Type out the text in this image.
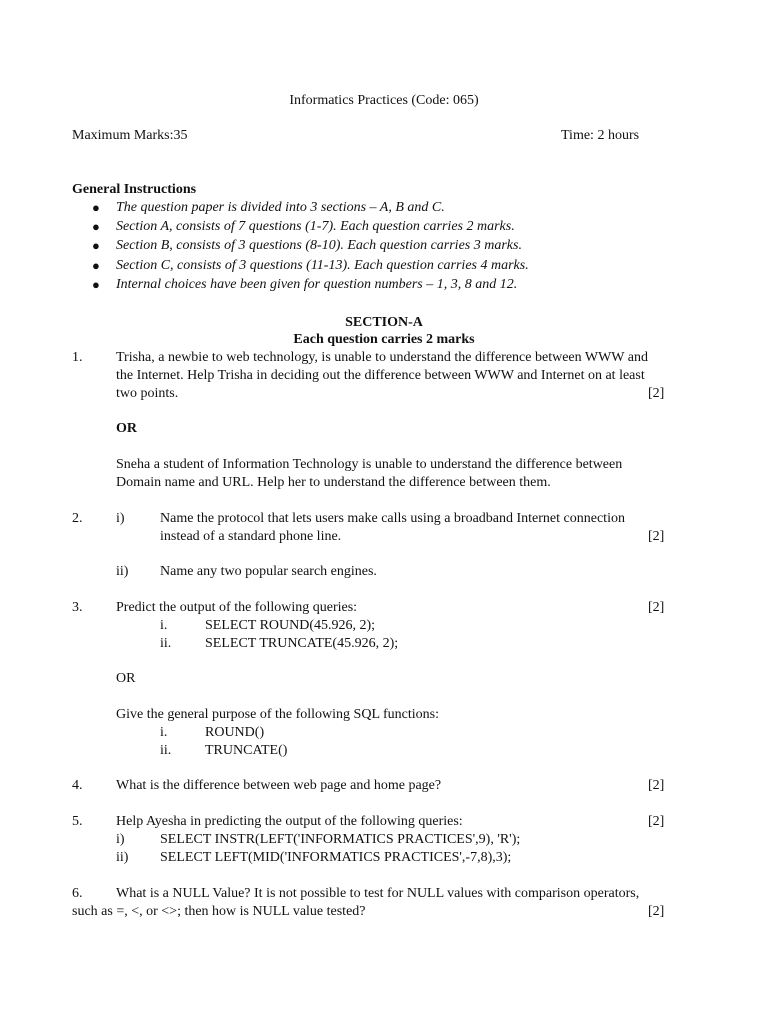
Informatics Practices (Code: 065)
Maximum Marks:35	Time: 2 hours
General Instructions
● The question paper is divided into 3 sections – A, B and C.
● Section A, consists of 7 questions (1-7). Each question carries 2 marks.
● Section B, consists of 3 questions (8-10). Each question carries 3 marks.
● Section C, consists of 3 questions (11-13). Each question carries 4 marks.
● Internal choices have been given for question numbers – 1, 3, 8 and 12.
SECTION-A
Each question carries 2 marks
1. Trisha, a newbie to web technology, is unable to understand the difference between WWW and
the Internet. Help Trisha in deciding out the difference between WWW and Internet on at least
two points.	[2]
OR
Sneha a student of Information Technology is unable to understand the difference between
Domain name and URL. Help her to understand the difference between them.
2. i)	Name the protocol that lets users make calls using a broadband Internet connection
instead of a standard phone line.	[2]
ii) Name any two popular search engines.
3. Predict the output of the following queries:	[2]
i.	SELECT ROUND(45.926, 2);
ii. SELECT TRUNCATE(45.926, 2);
OR
Give the general purpose of the following SQL functions:
i.	ROUND()
ii. TRUNCATE()
4. What is the difference between web page and home page?	[2]
5. Help Ayesha in predicting the output of the following queries:	[2]
i)	SELECT INSTR(LEFT('INFORMATICS PRACTICES',9), 'R');
ii) SELECT LEFT(MID('INFORMATICS PRACTICES',-7,8),3);
6. What is a NULL Value? It is not possible to test for NULL values with comparison operators,
such as =, <, or <>; then how is NULL value tested?	[2]
